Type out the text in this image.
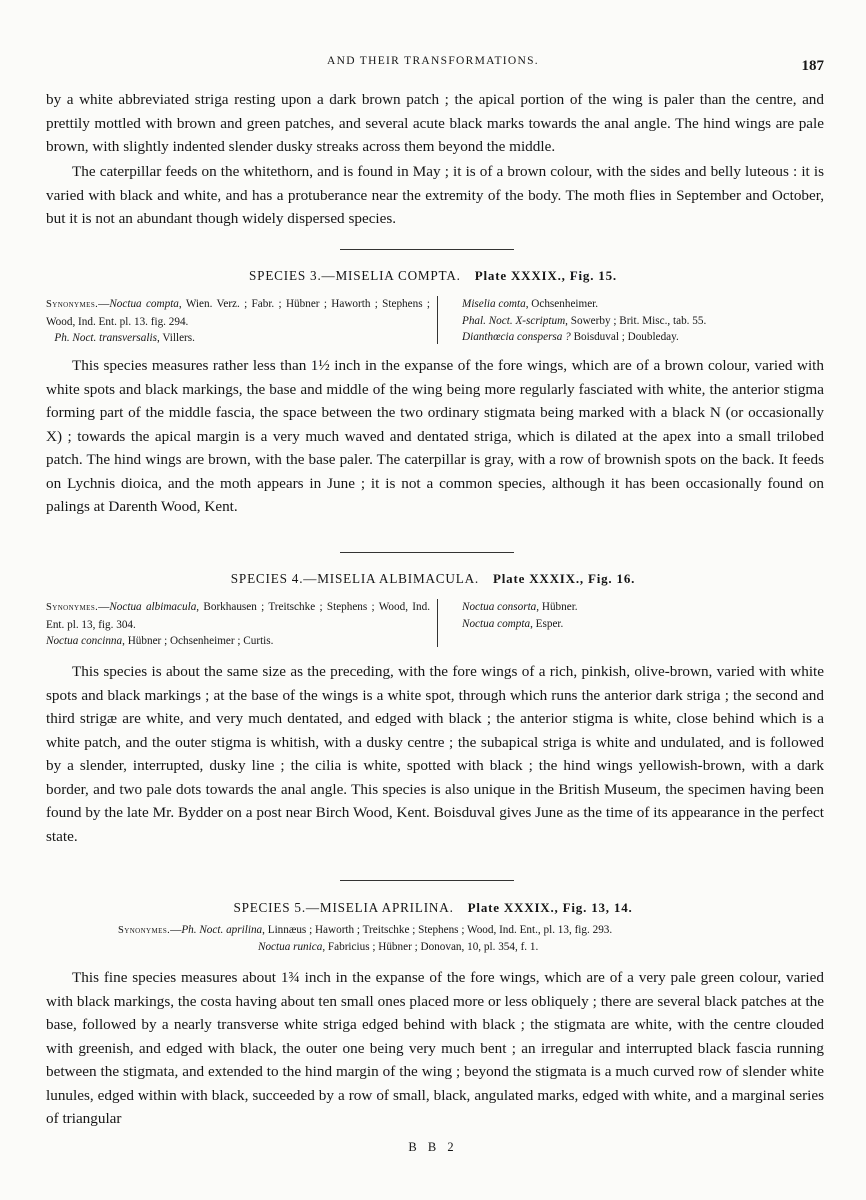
AND THEIR TRANSFORMATIONS.	187

by a white abbreviated striga resting upon a dark brown patch ; the apical portion of the wing is paler than the centre, and prettily mottled with brown and green patches, and several acute black marks towards the anal angle. The hind wings are pale brown, with slightly indented slender dusky streaks across them beyond the middle.

The caterpillar feeds on the whitethorn, and is found in May ; it is of a brown colour, with the sides and belly luteous : it is varied with black and white, and has a protuberance near the extremity of the body. The moth flies in September and October, but it is not an abundant though widely dispersed species.

SPECIES 3.—MISELIA COMPTA. Plate XXXIX., Fig. 15.

Synonymes.—Noctua compta, Wien. Verz. ; Fabr. ; Hübner ; Haworth ; Stephens ; Wood, Ind. Ent. pl. 13. fig. 294.
Ph. Noct. transversalis, Villers.

Miselia comta, Ochsenheimer.
Phal. Noct. X-scriptum, Sowerby ; Brit. Misc., tab. 55.
Dianthœcia conspersa ? Boisduval ; Doubleday.

This species measures rather less than 1½ inch in the expanse of the fore wings, which are of a brown colour, varied with white spots and black markings, the base and middle of the wing being more regularly fasciated with white, the anterior stigma forming part of the middle fascia, the space between the two ordinary stigmata being marked with a black N (or occasionally X) ; towards the apical margin is a very much waved and dentated striga, which is dilated at the apex into a small trilobed patch. The hind wings are brown, with the base paler. The caterpillar is gray, with a row of brownish spots on the back. It feeds on Lychnis dioica, and the moth appears in June ; it is not a common species, although it has been occasionally found on palings at Darenth Wood, Kent.

SPECIES 4.—MISELIA ALBIMACULA. Plate XXXIX., Fig. 16.

Synonymes.—Noctua albimacula, Borkhausen ; Treitschke ; Stephens ; Wood, Ind. Ent. pl. 13, fig. 304.
Noctua concinna, Hübner ; Ochsenheimer ; Curtis.

Noctua consorta, Hübner.
Noctua compta, Esper.

This species is about the same size as the preceding, with the fore wings of a rich, pinkish, olive-brown, varied with white spots and black markings ; at the base of the wings is a white spot, through which runs the anterior dark striga ; the second and third strigæ are white, and very much dentated, and edged with black ; the anterior stigma is white, close behind which is a white patch, and the outer stigma is whitish, with a dusky centre ; the subapical striga is white and undulated, and is followed by a slender, interrupted, dusky line ; the cilia is white, spotted with black ; the hind wings yellowish-brown, with a dark border, and two pale dots towards the anal angle. This species is also unique in the British Museum, the specimen having been found by the late Mr. Bydder on a post near Birch Wood, Kent. Boisduval gives June as the time of its appearance in the perfect state.

SPECIES 5.—MISELIA APRILINA. Plate XXXIX., Fig. 13, 14.

Synonymes.—Ph. Noct. aprilina, Linnæus ; Haworth ; Treitschke ; Stephens ; Wood, Ind. Ent., pl. 13, fig. 293.
Noctua runica, Fabricius ; Hübner ; Donovan, 10, pl. 354, f. 1.

This fine species measures about 1¾ inch in the expanse of the fore wings, which are of a very pale green colour, varied with black markings, the costa having about ten small ones placed more or less obliquely ; there are several black patches at the base, followed by a nearly transverse white striga edged behind with black ; the stigmata are white, with the centre clouded with greenish, and edged with black, the outer one being very much bent ; an irregular and interrupted black fascia running between the stigmata, and extended to the hind margin of the wing ; beyond the stigmata is a much curved row of slender white lunules, edged within with black, succeeded by a row of small, black, angulated marks, edged with white, and a marginal series of triangular

B B 2
